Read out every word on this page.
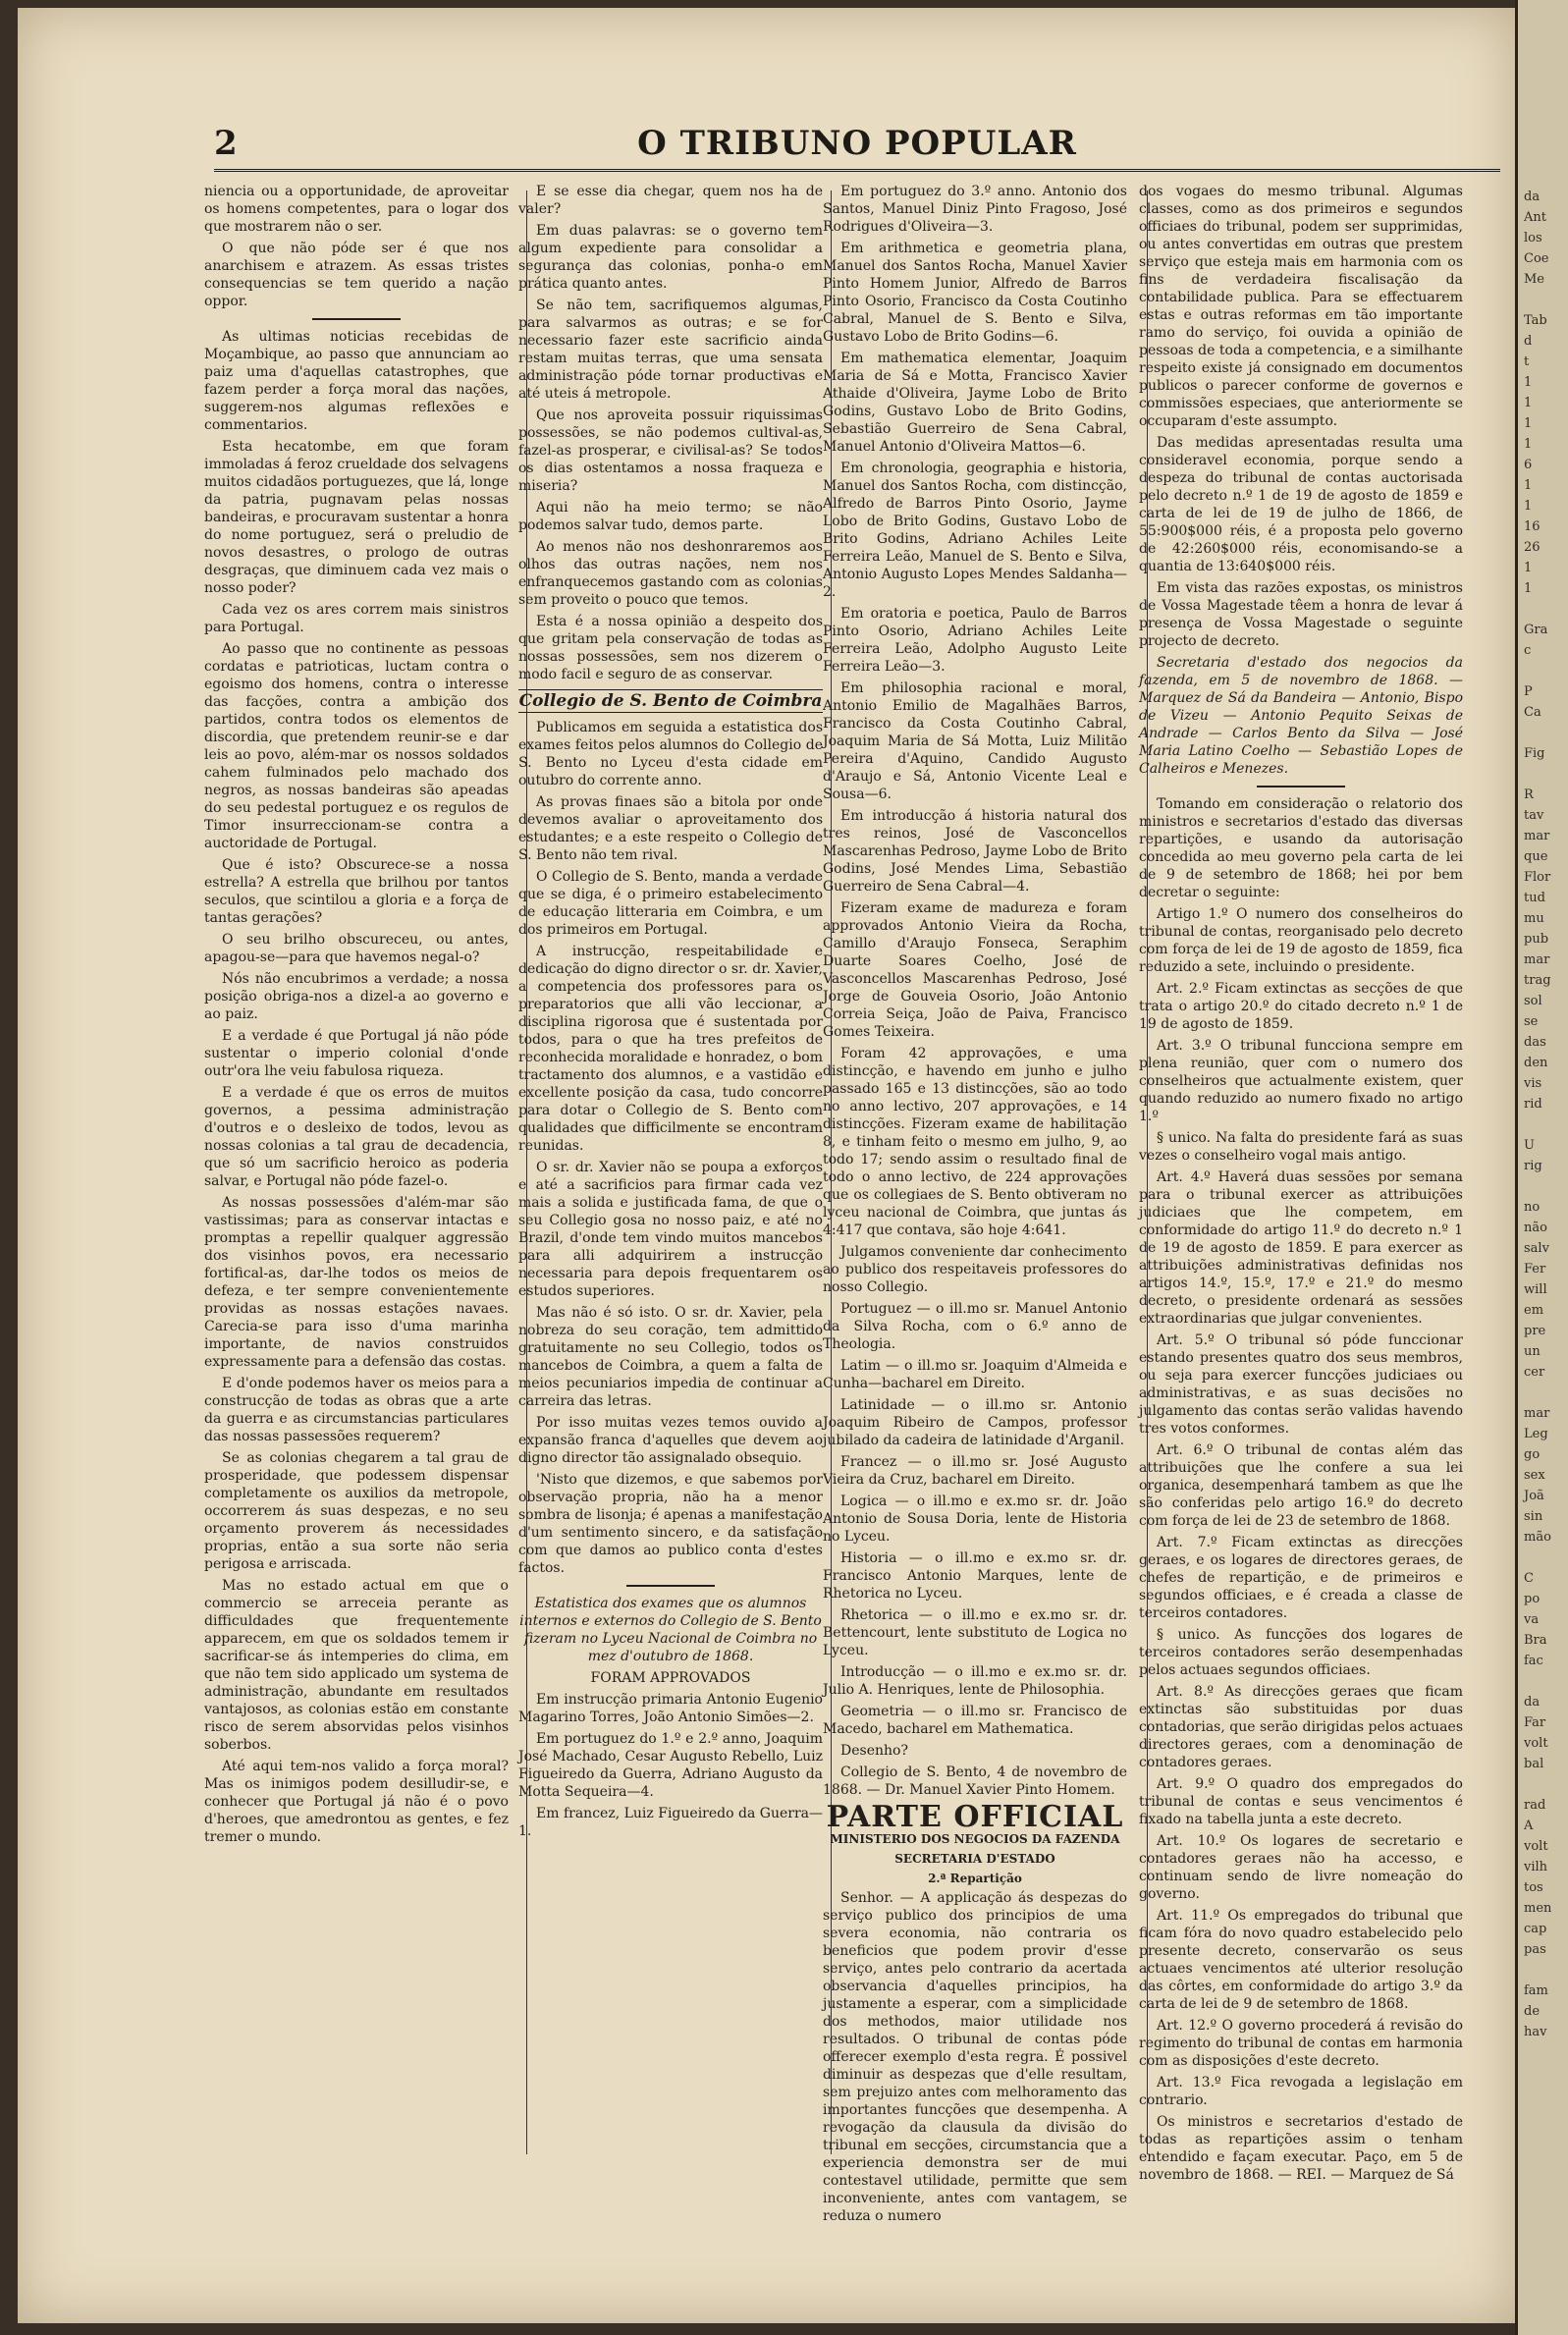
2	O TRIBUNO POPULAR
da
Ant
los
Coe
Me

Tab
d
t
1
1
1
1
6
1
1
16
26
1
1

Gra
c

P
Ca

Fig

R
tav
mar
que
Flor
tud
mu
pub
mar
trag
sol
se
das
den
vis
rid

U
rig

no
não
salv
Fer
will
em
pre
un
cer

mar
Leg
go
sex
Joã
sin
mão

C
po
va
Bra
fac

da
Far
volt
bal

rad
A
volt
vilh
tos
men
cap
pas

fam
de
hav

niencia ou a opportunidade, de aproveitar os homens competentes, para o logar dos que mostrarem não o ser.

O que não póde ser é que nos anarchisem e atrazem. As essas tristes consequencias se tem querido a nação oppor.

As ultimas noticias recebidas de Moçambique, ao passo que annunciam ao paiz uma d'aquellas catastrophes, que fazem perder a força moral das nações, suggerem-nos algumas reflexões e commentarios.

Esta hecatombe, em que foram immoladas á feroz crueldade dos selvagens muitos cidadãos portuguezes, que lá, longe da patria, pugnavam pelas nossas bandeiras, e procuravam sustentar a honra do nome portuguez, será o preludio de novos desastres, o prologo de outras desgraças, que diminuem cada vez mais o nosso poder?

Cada vez os ares correm mais sinistros para Portugal.

Ao passo que no continente as pessoas cordatas e patrioticas, luctam contra o egoismo dos homens, contra o interesse das facções, contra a ambição dos partidos, contra todos os elementos de discordia, que pretendem reunir-se e dar leis ao povo, além-mar os nossos soldados cahem fulminados pelo machado dos negros, as nossas bandeiras são apeadas do seu pedestal portuguez e os regulos de Timor insurreccionam-se contra a auctoridade de Portugal.

Que é isto? Obscurece-se a nossa estrella? A estrella que brilhou por tantos seculos, que scintilou a gloria e a força de tantas gerações?

O seu brilho obscureceu, ou antes, apagou-se—para que havemos negal-o?

Nós não encubrimos a verdade; a nossa posição obriga-nos a dizel-a ao governo e ao paiz.

E a verdade é que Portugal já não póde sustentar o imperio colonial d'onde outr'ora lhe veiu fabulosa riqueza.

E a verdade é que os erros de muitos governos, a pessima administração d'outros e o desleixo de todos, levou as nossas colonias a tal grau de decadencia, que só um sacrificio heroico as poderia salvar, e Portugal não póde fazel-o.

As nossas possessões d'além-mar são vastissimas; para as conservar intactas e promptas a repellir qualquer aggressão dos visinhos povos, era necessario fortifical-as, dar-lhe todos os meios de defeza, e ter sempre convenientemente providas as nossas estações navaes. Carecia-se para isso d'uma marinha importante, de navios construidos expressamente para a defensão das costas.

E d'onde podemos haver os meios para a construcção de todas as obras que a arte da guerra e as circumstancias particulares das nossas passessões requerem?

Se as colonias chegarem a tal grau de prosperidade, que podessem dispensar completamente os auxilios da metropole, occorrerem ás suas despezas, e no seu orçamento proverem ás necessidades proprias, então a sua sorte não seria perigosa e arriscada.

Mas no estado actual em que o commercio se arreceia perante as difficuldades que frequentemente apparecem, em que os soldados temem ir sacrificar-se ás intemperies do clima, em que não tem sido applicado um systema de administração, abundante em resultados vantajosos, as colonias estão em constante risco de serem absorvidas pelos visinhos soberbos.

Até aqui tem-nos valido a força moral? Mas os inimigos podem desilludir-se, e conhecer que Portugal já não é o povo d'heroes, que amedrontou as gentes, e fez tremer o mundo.

E se esse dia chegar, quem nos ha de valer?

Em duas palavras: se o governo tem algum expediente para consolidar a segurança das colonias, ponha-o em prática quanto antes.

Se não tem, sacrifiquemos algumas, para salvarmos as outras; e se for necessario fazer este sacrificio ainda restam muitas terras, que uma sensata administração póde tornar productivas e até uteis á metropole.

Que nos aproveita possuir riquissimas possessões, se não podemos cultival-as, fazel-as prosperar, e civilisal-as? Se todos os dias ostentamos a nossa fraqueza e miseria?

Aqui não ha meio termo; se não podemos salvar tudo, demos parte.

Ao menos não nos deshonraremos aos olhos das outras nações, nem nos enfranquecemos gastando com as colonias sem proveito o pouco que temos.

Esta é a nossa opinião a despeito dos que gritam pela conservação de todas as nossas possessões, sem nos dizerem o modo facil e seguro de as conservar.

Collegio de S. Bento de Coimbra

Publicamos em seguida a estatistica dos exames feitos pelos alumnos do Collegio de S. Bento no Lyceu d'esta cidade em outubro do corrente anno.

As provas finaes são a bitola por onde devemos avaliar o aproveitamento dos estudantes; e a este respeito o Collegio de S. Bento não tem rival.

O Collegio de S. Bento, manda a verdade que se diga, é o primeiro estabelecimento de educação litteraria em Coimbra, e um dos primeiros em Portugal.

A instrucção, respeitabilidade e dedicação do digno director o sr. dr. Xavier, a competencia dos professores para os preparatorios que alli vão leccionar, a disciplina rigorosa que é sustentada por todos, para o que ha tres prefeitos de reconhecida moralidade e honradez, o bom tractamento dos alumnos, e a vastidão e excellente posição da casa, tudo concorre para dotar o Collegio de S. Bento com qualidades que difficilmente se encontram reunidas.

O sr. dr. Xavier não se poupa a exforços e até a sacrificios para firmar cada vez mais a solida e justificada fama, de que o seu Collegio gosa no nosso paiz, e até no Brazil, d'onde tem vindo muitos mancebos para alli adquirirem a instrucção necessaria para depois frequentarem os estudos superiores.

Mas não é só isto. O sr. dr. Xavier, pela nobreza do seu coração, tem admittido gratuitamente no seu Collegio, todos os mancebos de Coimbra, a quem a falta de meios pecuniarios impedia de continuar a carreira das letras.

Por isso muitas vezes temos ouvido a expansão franca d'aquelles que devem ao digno director tão assignalado obsequio.

'Nisto que dizemos, e que sabemos por observação propria, não ha a menor sombra de lisonja; é apenas a manifestação d'um sentimento sincero, e da satisfação com que damos ao publico conta d'estes factos.

Estatistica dos exames que os alumnos internos e externos do Collegio de S. Bento fizeram no Lyceu Nacional de Coimbra no mez d'outubro de 1868.

FORAM APPROVADOS

Em instrucção primaria Antonio Eugenio Magarino Torres, João Antonio Simões—2.

Em portuguez do 1.º e 2.º anno, Joaquim José Machado, Cesar Augusto Rebello, Luiz Figueiredo da Guerra, Adriano Augusto da Motta Sequeira—4.

Em francez, Luiz Figueiredo da Guerra—1.

Em portuguez do 3.º anno. Antonio dos Santos, Manuel Diniz Pinto Fragoso, José Rodrigues d'Oliveira—3.

Em arithmetica e geometria plana, Manuel dos Santos Rocha, Manuel Xavier Pinto Homem Junior, Alfredo de Barros Pinto Osorio, Francisco da Costa Coutinho Cabral, Manuel de S. Bento e Silva, Gustavo Lobo de Brito Godins—6.

Em mathematica elementar, Joaquim Maria de Sá e Motta, Francisco Xavier Athaide d'Oliveira, Jayme Lobo de Brito Godins, Gustavo Lobo de Brito Godins, Sebastião Guerreiro de Sena Cabral, Manuel Antonio d'Oliveira Mattos—6.

Em chronologia, geographia e historia, Manuel dos Santos Rocha, com distincção, Alfredo de Barros Pinto Osorio, Jayme Lobo de Brito Godins, Gustavo Lobo de Brito Godins, Adriano Achiles Leite Ferreira Leão, Manuel de S. Bento e Silva, Antonio Augusto Lopes Mendes Saldanha—2.

Em oratoria e poetica, Paulo de Barros Pinto Osorio, Adriano Achiles Leite Ferreira Leão, Adolpho Augusto Leite Ferreira Leão—3.

Em philosophia racional e moral, Antonio Emilio de Magalhães Barros, Francisco da Costa Coutinho Cabral, Joaquim Maria de Sá Motta, Luiz Militão Pereira d'Aquino, Candido Augusto d'Araujo e Sá, Antonio Vicente Leal e Sousa—6.

Em introducção á historia natural dos tres reinos, José de Vasconcellos Mascarenhas Pedroso, Jayme Lobo de Brito Godins, José Mendes Lima, Sebastião Guerreiro de Sena Cabral—4.

Fizeram exame de madureza e foram approvados Antonio Vieira da Rocha, Camillo d'Araujo Fonseca, Seraphim Duarte Soares Coelho, José de Vasconcellos Mascarenhas Pedroso, José Jorge de Gouveia Osorio, João Antonio Correia Seiça, João de Paiva, Francisco Gomes Teixeira.

Foram 42 approvações, e uma distincção, e havendo em junho e julho passado 165 e 13 distincções, são ao todo no anno lectivo, 207 approvações, e 14 distincções. Fizeram exame de habilitação 8, e tinham feito o mesmo em julho, 9, ao todo 17; sendo assim o resultado final de todo o anno lectivo, de 224 approvações que os collegiaes de S. Bento obtiveram no lyceu nacional de Coimbra, que juntas ás 4:417 que contava, são hoje 4:641.

Julgamos conveniente dar conhecimento ao publico dos respeitaveis professores do nosso Collegio.

Portuguez — o ill.mo sr. Manuel Antonio da Silva Rocha, com o 6.º anno de Theologia.

Latim — o ill.mo sr. Joaquim d'Almeida e Cunha—bacharel em Direito.

Latinidade — o ill.mo sr. Antonio Joaquim Ribeiro de Campos, professor jubilado da cadeira de latinidade d'Arganil.

Francez — o ill.mo sr. José Augusto Vieira da Cruz, bacharel em Direito.

Logica — o ill.mo e ex.mo sr. dr. João Antonio de Sousa Doria, lente de Historia no Lyceu.

Historia — o ill.mo e ex.mo sr. dr. Francisco Antonio Marques, lente de Rhetorica no Lyceu.

Rhetorica — o ill.mo e ex.mo sr. dr. Bettencourt, lente substituto de Logica no Lyceu.

Introducção — o ill.mo e ex.mo sr. dr. Julio A. Henriques, lente de Philosophia.

Geometria — o ill.mo sr. Francisco de Macedo, bacharel em Mathematica.

Desenho?

Collegio de S. Bento, 4 de novembro de 1868. — Dr. Manuel Xavier Pinto Homem.

PARTE OFFICIAL
MINISTERIO DOS NEGOCIOS DA FAZENDA
SECRETARIA D'ESTADO
2.ª Repartição

Senhor. — A applicação ás despezas do serviço publico dos principios de uma severa economia, não contraria os beneficios que podem provir d'esse serviço, antes pelo contrario da acertada observancia d'aquelles principios, ha justamente a esperar, com a simplicidade dos methodos, maior utilidade nos resultados. O tribunal de contas póde offerecer exemplo d'esta regra. É possivel diminuir as despezas que d'elle resultam, sem prejuizo antes com melhoramento das importantes funcções que desempenha. A revogação da clausula da divisão do tribunal em secções, circumstancia que a experiencia demonstra ser de mui contestavel utilidade, permitte que sem inconveniente, antes com vantagem, se reduza o numero

dos vogaes do mesmo tribunal. Algumas classes, como as dos primeiros e segundos officiaes do tribunal, podem ser supprimidas, ou antes convertidas em outras que prestem serviço que esteja mais em harmonia com os fins de verdadeira fiscalisação da contabilidade publica. Para se effectuarem estas e outras reformas em tão importante ramo do serviço, foi ouvida a opinião de pessoas de toda a competencia, e a similhante respeito existe já consignado em documentos publicos o parecer conforme de governos e commissões especiaes, que anteriormente se occuparam d'este assumpto.

Das medidas apresentadas resulta uma consideravel economia, porque sendo a despeza do tribunal de contas auctorisada pelo decreto n.º 1 de 19 de agosto de 1859 e carta de lei de 19 de julho de 1866, de 55:900$000 réis, é a proposta pelo governo de 42:260$000 réis, economisando-se a quantia de 13:640$000 réis.

Em vista das razões expostas, os ministros de Vossa Magestade têem a honra de levar á presença de Vossa Magestade o seguinte projecto de decreto.

Secretaria d'estado dos negocios da fazenda, em 5 de novembro de 1868. — Marquez de Sá da Bandeira — Antonio, Bispo de Vizeu — Antonio Pequito Seixas de Andrade — Carlos Bento da Silva — José Maria Latino Coelho — Sebastião Lopes de Calheiros e Menezes.

Tomando em consideração o relatorio dos ministros e secretarios d'estado das diversas repartições, e usando da autorisação concedida ao meu governo pela carta de lei de 9 de setembro de 1868; hei por bem decretar o seguinte:

Artigo 1.º O numero dos conselheiros do tribunal de contas, reorganisado pelo decreto com força de lei de 19 de agosto de 1859, fica reduzido a sete, incluindo o presidente.

Art. 2.º Ficam extinctas as secções de que trata o artigo 20.º do citado decreto n.º 1 de 19 de agosto de 1859.

Art. 3.º O tribunal funcciona sempre em plena reunião, quer com o numero dos conselheiros que actualmente existem, quer quando reduzido ao numero fixado no artigo 1.º

§ unico. Na falta do presidente fará as suas vezes o conselheiro vogal mais antigo.

Art. 4.º Haverá duas sessões por semana para o tribunal exercer as attribuições judiciaes que lhe competem, em conformidade do artigo 11.º do decreto n.º 1 de 19 de agosto de 1859. E para exercer as attribuições administrativas definidas nos artigos 14.º, 15.º, 17.º e 21.º do mesmo decreto, o presidente ordenará as sessões extraordinarias que julgar convenientes.

Art. 5.º O tribunal só póde funccionar estando presentes quatro dos seus membros, ou seja para exercer funcções judiciaes ou administrativas, e as suas decisões no julgamento das contas serão validas havendo tres votos conformes.

Art. 6.º O tribunal de contas além das attribuições que lhe confere a sua lei organica, desempenhará tambem as que lhe são conferidas pelo artigo 16.º do decreto com força de lei de 23 de setembro de 1868.

Art. 7.º Ficam extinctas as direcções geraes, e os logares de directores geraes, de chefes de repartição, e de primeiros e segundos officiaes, e é creada a classe de terceiros contadores.

§ unico. As funcções dos logares de terceiros contadores serão desempenhadas pelos actuaes segundos officiaes.

Art. 8.º As direcções geraes que ficam extinctas são substituidas por duas contadorias, que serão dirigidas pelos actuaes directores geraes, com a denominação de contadores geraes.

Art. 9.º O quadro dos empregados do tribunal de contas e seus vencimentos é fixado na tabella junta a este decreto.

Art. 10.º Os logares de secretario e contadores geraes não ha accesso, e continuam sendo de livre nomeação do governo.

Art. 11.º Os empregados do tribunal que ficam fóra do novo quadro estabelecido pelo presente decreto, conservarão os seus actuaes vencimentos até ulterior resolução das côrtes, em conformidade do artigo 3.º da carta de lei de 9 de setembro de 1868.

Art. 12.º O governo procederá á revisão do regimento do tribunal de contas em harmonia com as disposições d'este decreto.

Art. 13.º Fica revogada a legislação em contrario.

Os ministros e secretarios d'estado de todas as repartições assim o tenham entendido e façam executar. Paço, em 5 de novembro de 1868. — REI. — Marquez de Sá
